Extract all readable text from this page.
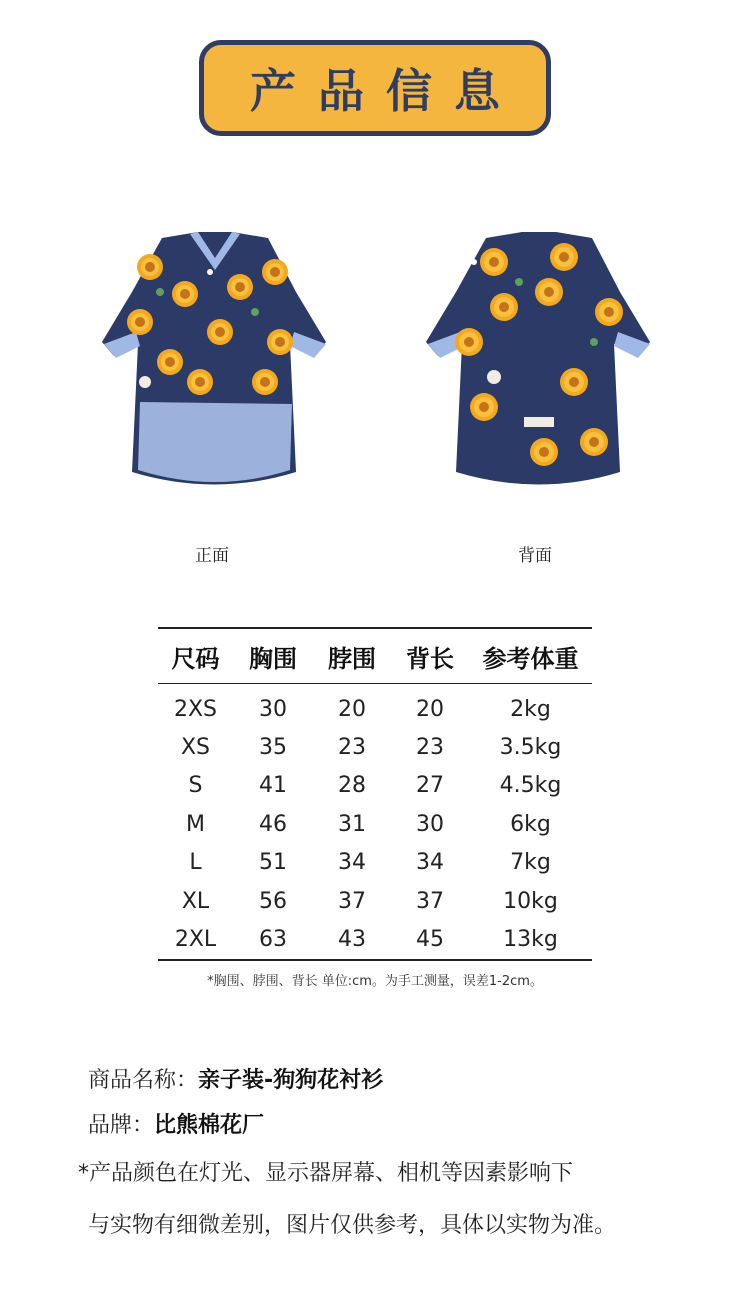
产品信息
正面	背面
尺码	胸围	脖围	背长	参考体重
2XS	30	20	20	2kg
XS	35	23	23	3.5kg
S	41	28	27	4.5kg
M	46	31	30	6kg
L	51	34	34	7kg
XL	56	37	37	10kg
2XL	63	43	45	13kg
*胸围、脖围、背长 单位:cm。为手工测量，误差1-2cm。
商品名称：亲子装-狗狗花衬衫
品牌：比熊棉花厂
*产品颜色在灯光、显示器屏幕、相机等因素影响下
与实物有细微差别，图片仅供参考，具体以实物为准。
